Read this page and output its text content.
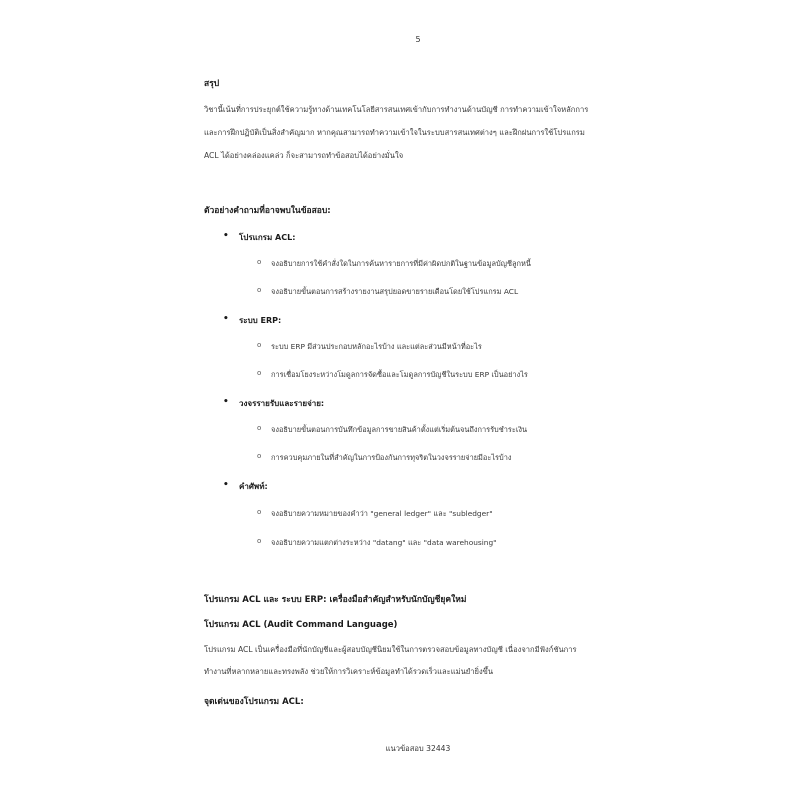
5
สรุป
วิชานี้เน้นที่การประยุกต์ใช้ความรู้ทางด้านเทคโนโลยีสารสนเทศเข้ากับการทำงานด้านบัญชี การทำความเข้าใจหลักการ
และการฝึกปฏิบัติเป็นสิ่งสำคัญมาก หากคุณสามารถทำความเข้าใจในระบบสารสนเทศต่างๆ และฝึกฝนการใช้โปรแกรม
ACL ได้อย่างคล่องแคล่ว ก็จะสามารถทำข้อสอบได้อย่างมั่นใจ
ตัวอย่างคำถามที่อาจพบในข้อสอบ:
• โปรแกรม ACL:
o จงอธิบายการใช้คำสั่งใดในการค้นหารายการที่มีค่าผิดปกติในฐานข้อมูลบัญชีลูกหนี้
o จงอธิบายขั้นตอนการสร้างรายงานสรุปยอดขายรายเดือนโดยใช้โปรแกรม ACL
• ระบบ ERP:
o ระบบ ERP มีส่วนประกอบหลักอะไรบ้าง และแต่ละส่วนมีหน้าที่อะไร
o การเชื่อมโยงระหว่างโมดูลการจัดซื้อและโมดูลการบัญชีในระบบ ERP เป็นอย่างไร
• วงจรรายรับและรายจ่าย:
o จงอธิบายขั้นตอนการบันทึกข้อมูลการขายสินค้าตั้งแต่เริ่มต้นจนถึงการรับชำระเงิน
o การควบคุมภายในที่สำคัญในการป้องกันการทุจริตในวงจรรายจ่ายมีอะไรบ้าง
• คำศัพท์:
o จงอธิบายความหมายของคำว่า "general ledger" และ "subledger"
o จงอธิบายความแตกต่างระหว่าง "datang" และ "data warehousing"
โปรแกรม ACL และ ระบบ ERP: เครื่องมือสำคัญสำหรับนักบัญชียุคใหม่
โปรแกรม ACL (Audit Command Language)
โปรแกรม ACL เป็นเครื่องมือที่นักบัญชีและผู้สอบบัญชีนิยมใช้ในการตรวจสอบข้อมูลทางบัญชี เนื่องจากมีฟังก์ชันการ
ทำงานที่หลากหลายและทรงพลัง ช่วยให้การวิเคราะห์ข้อมูลทำได้รวดเร็วและแม่นยำยิ่งขึ้น
จุดเด่นของโปรแกรม ACL:
แนวข้อสอบ 32443
